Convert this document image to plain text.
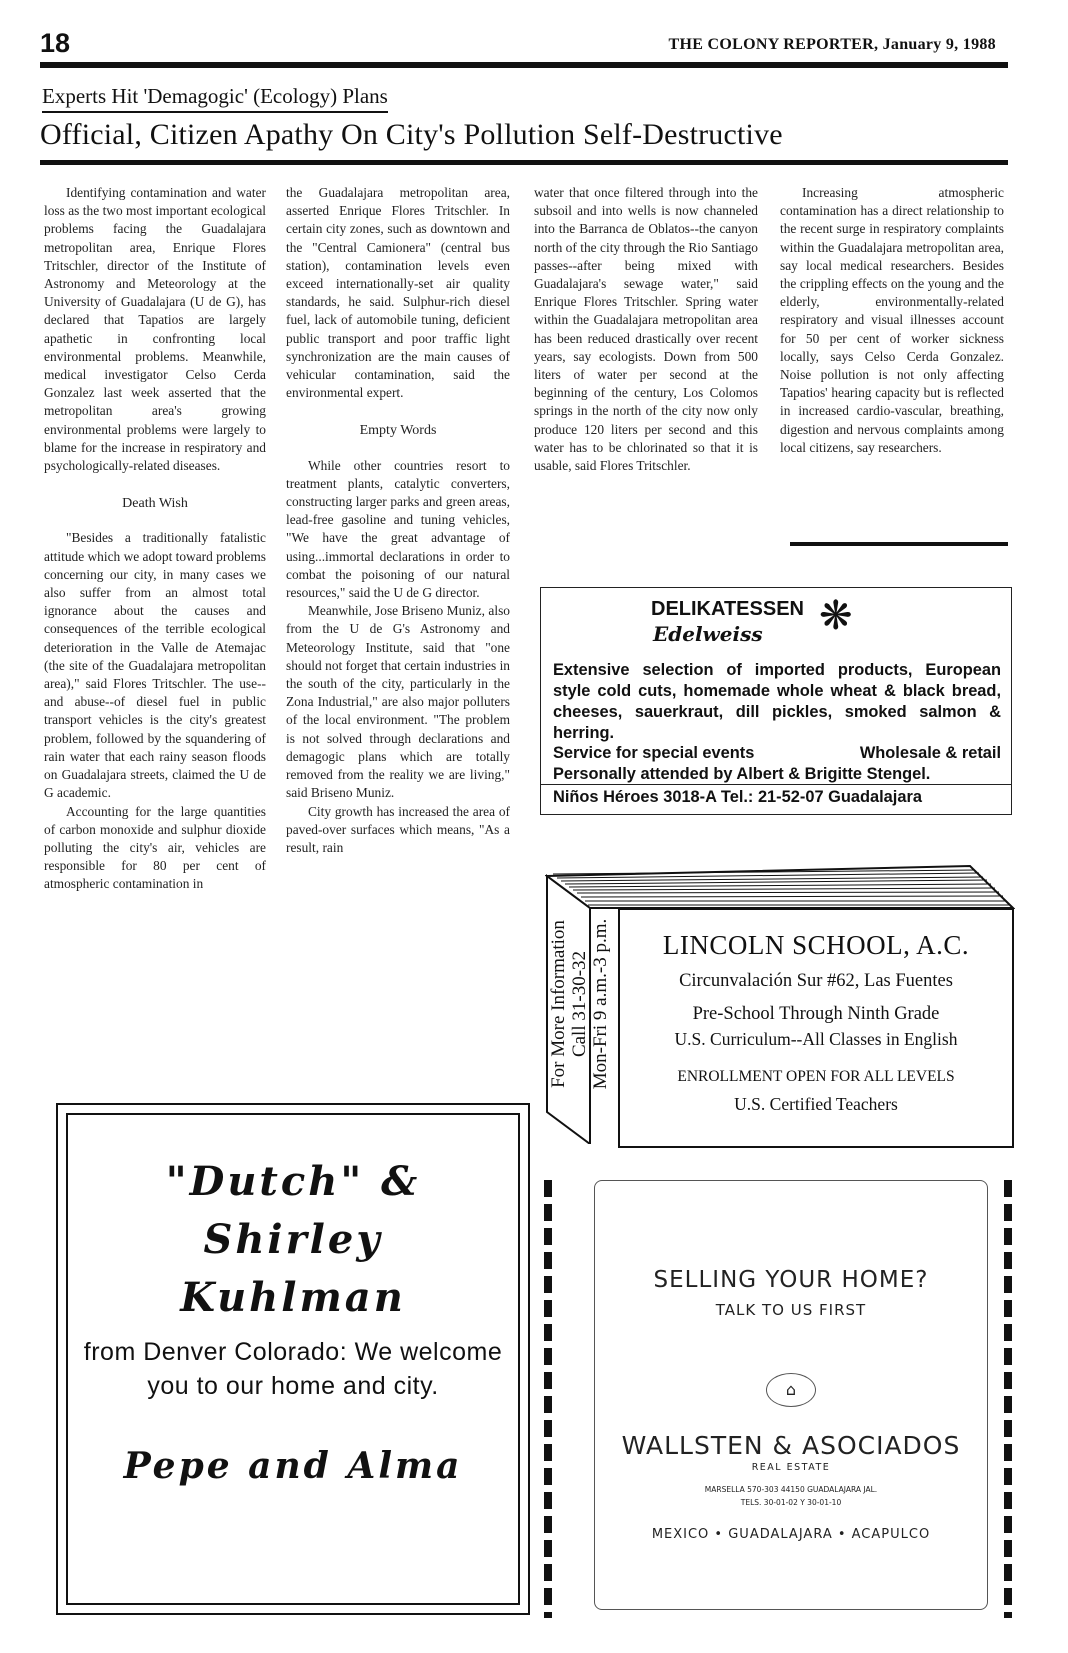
18	THE COLONY REPORTER, January 9, 1988
Experts Hit 'Demagogic' (Ecology) Plans
Official, Citizen Apathy On City's Pollution Self-Destructive

Identifying contamination and water loss as the two most important ecological problems facing the Guadalajara metropolitan area, Enrique Flores Tritschler, director of the Institute of Astronomy and Meteorology at the University of Guadalajara (U de G), has declared that Tapatios are largely apathetic in confronting local environmental problems. Meanwhile, medical investigator Celso Cerda Gonzalez last week asserted that the metropolitan area's growing environmental problems were largely to blame for the increase in respiratory and psychologically-related diseases.

Death Wish

"Besides a traditionally fatalistic attitude which we adopt toward problems concerning our city, in many cases we also suffer from an almost total ignorance about the causes and consequences of the terrible ecological deterioration in the Valle de Atemajac (the site of the Guadalajara metropolitan area)," said Flores Tritschler. The use--and abuse--of diesel fuel in public transport vehicles is the city's greatest problem, followed by the squandering of rain water that each rainy season floods on Guadalajara streets, claimed the U de G academic.

Accounting for the large quantities of carbon monoxide and sulphur dioxide polluting the city's air, vehicles are responsible for 80 per cent of atmospheric contamination in

the Guadalajara metropolitan area, asserted Enrique Flores Tritschler. In certain city zones, such as downtown and the "Central Camionera" (central bus station), contamination levels even exceed internationally-set air quality standards, he said. Sulphur-rich diesel fuel, lack of automobile tuning, deficient public transport and poor traffic light synchronization are the main causes of vehicular contamination, said the environmental expert.

Empty Words

While other countries resort to treatment plants, catalytic converters, constructing larger parks and green areas, lead-free gasoline and tuning vehicles, "We have the great advantage of using...immortal declarations in order to combat the poisoning of our natural resources," said the U de G director.

Meanwhile, Jose Briseno Muniz, also from the U de G's Astronomy and Meteorology Institute, said that "one should not forget that certain industries in the south of the city, particularly in the Zona Industrial," are also major polluters of the local environment. "The problem is not solved through declarations and demagogic plans which are totally removed from the reality we are living," said Briseno Muniz.

City growth has increased the area of paved-over surfaces which means, "As a result, rain

water that once filtered through into the subsoil and into wells is now channeled into the Barranca de Oblatos--the canyon north of the city through the Rio Santiago passes--after being mixed with Guadalajara's sewage water," said Enrique Flores Tritschler. Spring water within the Guadalajara metropolitan area has been reduced drastically over recent years, say ecologists. Down from 500 liters of water per second at the beginning of the century, Los Colomos springs in the north of the city now only produce 120 liters per second and this water has to be chlorinated so that it is usable, said Flores Tritschler.

Increasing atmospheric contamination has a direct relationship to the recent surge in respiratory complaints within the Guadalajara metropolitan area, say local medical researchers. Besides the crippling effects on the young and the elderly, environmentally-related respiratory and visual illnesses account for 50 per cent of worker sickness locally, says Celso Cerda Gonzalez. Noise pollution is not only affecting Tapatios' hearing capacity but is reflected in increased cardio-vascular, breathing, digestion and nervous complaints among local citizens, say researchers.

DELIKATESSEN
Edelweiss ❋
Extensive selection of imported products, European style cold cuts, homemade whole wheat & black bread, cheeses, sauerkraut, dill pickles, smoked salmon & herring.
Service for special events	Wholesale & retail
Personally attended by Albert & Brigitte Stengel.
Niños Héroes 3018-A Tel.: 21-52-07 Guadalajara
For More Information Call 31-30-32 Mon-Fri 9 a.m.-3 p.m.	LINCOLN SCHOOL, A.C.
Circunvalación Sur #62, Las Fuentes
Pre-School Through Ninth Grade
U.S. Curriculum--All Classes in English
ENROLLMENT OPEN FOR ALL LEVELS
U.S. Certified Teachers
"Dutch" &
Shirley
Kuhlman
from Denver Colorado: We welcome you to our home and city.
Pepe and Alma
SELLING YOUR HOME?
TALK TO US FIRST
⌂
WALLSTEN & ASOCIADOS
REAL ESTATE
MARSELLA 570-303 44150 GUADALAJARA JAL.
TELS. 30-01-02 Y 30-01-10
MEXICO • GUADALAJARA • ACAPULCO
